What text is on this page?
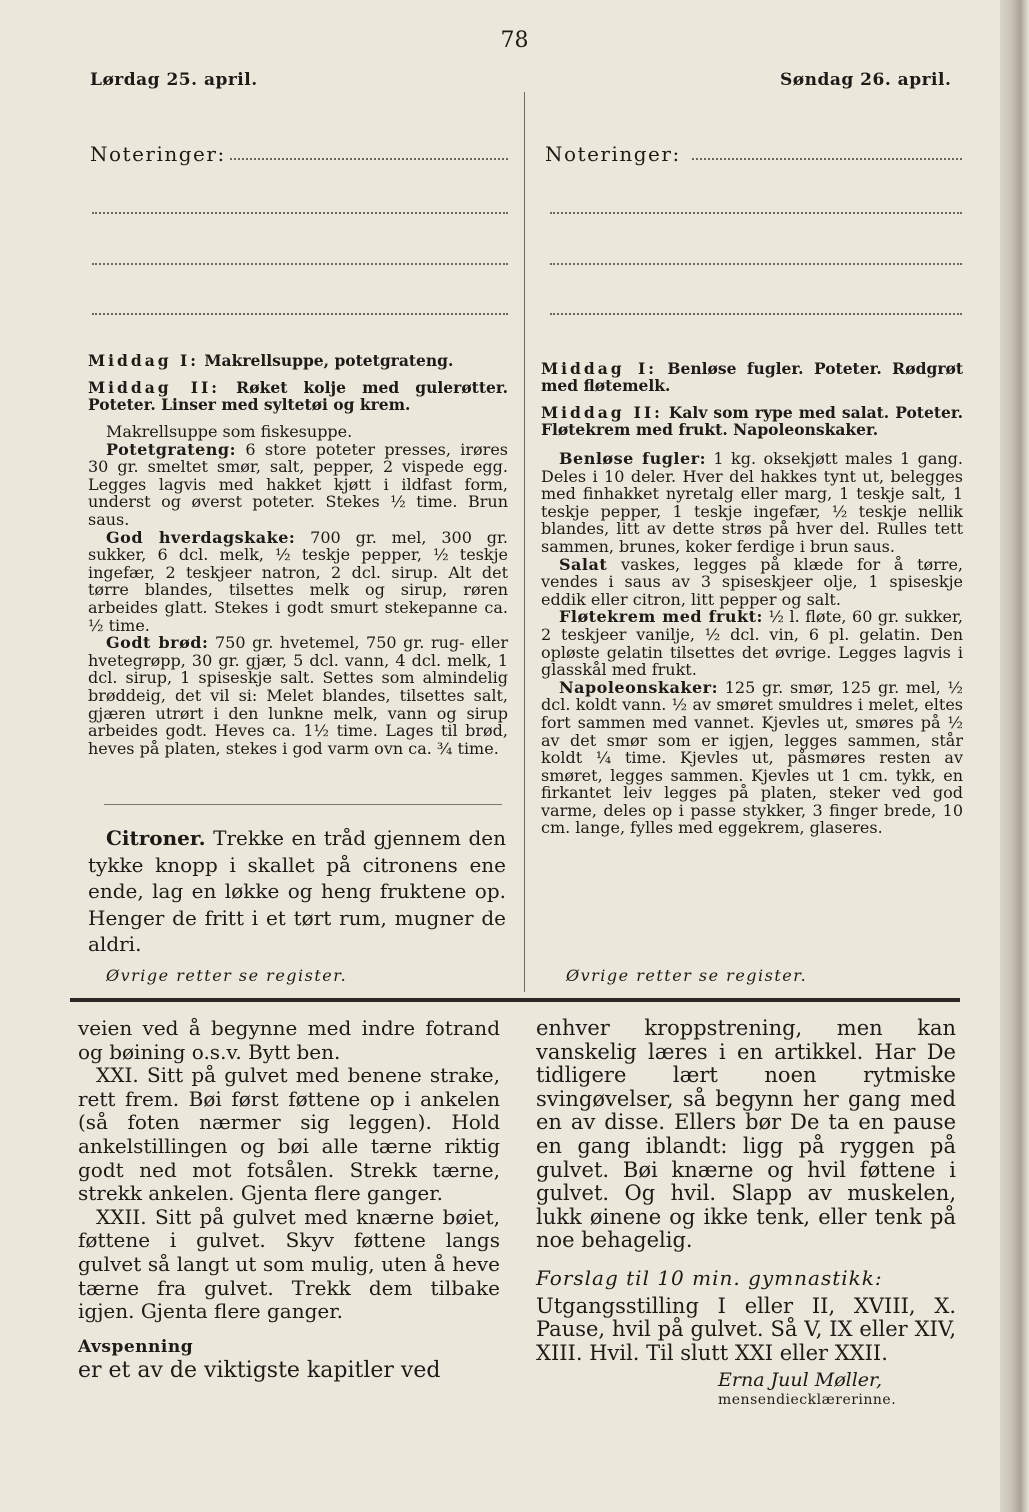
78
Lørdag 25. april.	Søndag 26. april.
Noteringer:	Noteringer:

Middag I: Makrellsuppe, potetgrateng.

Middag II: Røket kolje med gulerøtter. Poteter. Linser med syltetøi og krem.

Makrellsuppe som fiskesuppe.

Potetgrateng: 6 store poteter presses, irøres 30 gr. smeltet smør, salt, pepper, 2 vispede egg. Legges lagvis med hakket kjøtt i ildfast form, underst og øverst poteter. Stekes ½ time. Brun saus.

God hverdagskake: 700 gr. mel, 300 gr. sukker, 6 dcl. melk, ½ teskje pepper, ½ teskje ingefær, 2 teskjeer natron, 2 dcl. sirup. Alt det tørre blandes, tilsettes melk og sirup, røren arbeides glatt. Stekes i godt smurt stekepanne ca. ½ time.

Godt brød: 750 gr. hvetemel, 750 gr. rug- eller hvetegrøpp, 30 gr. gjær, 5 dcl. vann, 4 dcl. melk, 1 dcl. sirup, 1 spiseskje salt. Settes som almindelig brøddeig, det vil si: Melet blandes, tilsettes salt, gjæren utrørt i den lunkne melk, vann og sirup arbeides godt. Heves ca. 1½ time. Lages til brød, heves på platen, stekes i god varm ovn ca. ¾ time.

Citroner. Trekke en tråd gjennem den tykke knopp i skallet på citronens ene ende, lag en løkke og heng fruktene op. Henger de fritt i et tørt rum, mugner de aldri.

Øvrige retter se register.

Middag I: Benløse fugler. Poteter. Rødgrøt med fløtemelk.

Middag II: Kalv som rype med salat. Poteter. Fløtekrem med frukt. Napoleonskaker.

Benløse fugler: 1 kg. oksekjøtt males 1 gang. Deles i 10 deler. Hver del hakkes tynt ut, belegges med finhakket nyretalg eller marg, 1 teskje salt, 1 teskje pepper, 1 teskje ingefær, ½ teskje nellik blandes, litt av dette strøs på hver del. Rulles tett sammen, brunes, koker ferdige i brun saus.

Salat vaskes, legges på klæde for å tørre, vendes i saus av 3 spiseskjeer olje, 1 spiseskje eddik eller citron, litt pepper og salt.

Fløtekrem med frukt: ½ l. fløte, 60 gr. sukker, 2 teskjeer vanilje, ½ dcl. vin, 6 pl. gelatin. Den opløste gelatin tilsettes det øvrige. Legges lagvis i glasskål med frukt.

Napoleonskaker: 125 gr. smør, 125 gr. mel, ½ dcl. koldt vann. ½ av smøret smuldres i melet, eltes fort sammen med vannet. Kjevles ut, smøres på ½ av det smør som er igjen, legges sammen, står koldt ¼ time. Kjevles ut, påsmøres resten av smøret, legges sammen. Kjevles ut 1 cm. tykk, en firkantet leiv legges på platen, steker ved god varme, deles op i passe stykker, 3 finger brede, 10 cm. lange, fylles med eggekrem, glaseres.

Øvrige retter se register.

veien ved å begynne med indre fotrand og bøining o.s.v. Bytt ben.

XXI. Sitt på gulvet med benene strake, rett frem. Bøi først føttene op i ankelen (så foten nærmer sig leggen). Hold ankelstillingen og bøi alle tærne riktig godt ned mot fotsålen. Strekk tærne, strekk ankelen. Gjenta flere ganger.

XXII. Sitt på gulvet med knærne bøiet, føttene i gulvet. Skyv føttene langs gulvet så langt ut som mulig, uten å heve tærne fra gulvet. Trekk dem tilbake igjen. Gjenta flere ganger.

Avspenning

er et av de viktigste kapitler ved

enhver kroppstrening, men kan vanskelig læres i en artikkel. Har De tidligere lært noen rytmiske svingøvelser, så begynn her gang med en av disse. Ellers bør De ta en pause en gang iblandt: ligg på ryggen på gulvet. Bøi knærne og hvil føttene i gulvet. Og hvil. Slapp av muskelen, lukk øinene og ikke tenk, eller tenk på noe behagelig.

Forslag til 10 min. gymnastikk:

Utgangsstilling I eller II, XVIII, X. Pause, hvil på gulvet. Så V, IX eller XIV, XIII. Hvil. Til slutt XXI eller XXII.

Erna Juul Møller,
mensendiecklærerinne.
